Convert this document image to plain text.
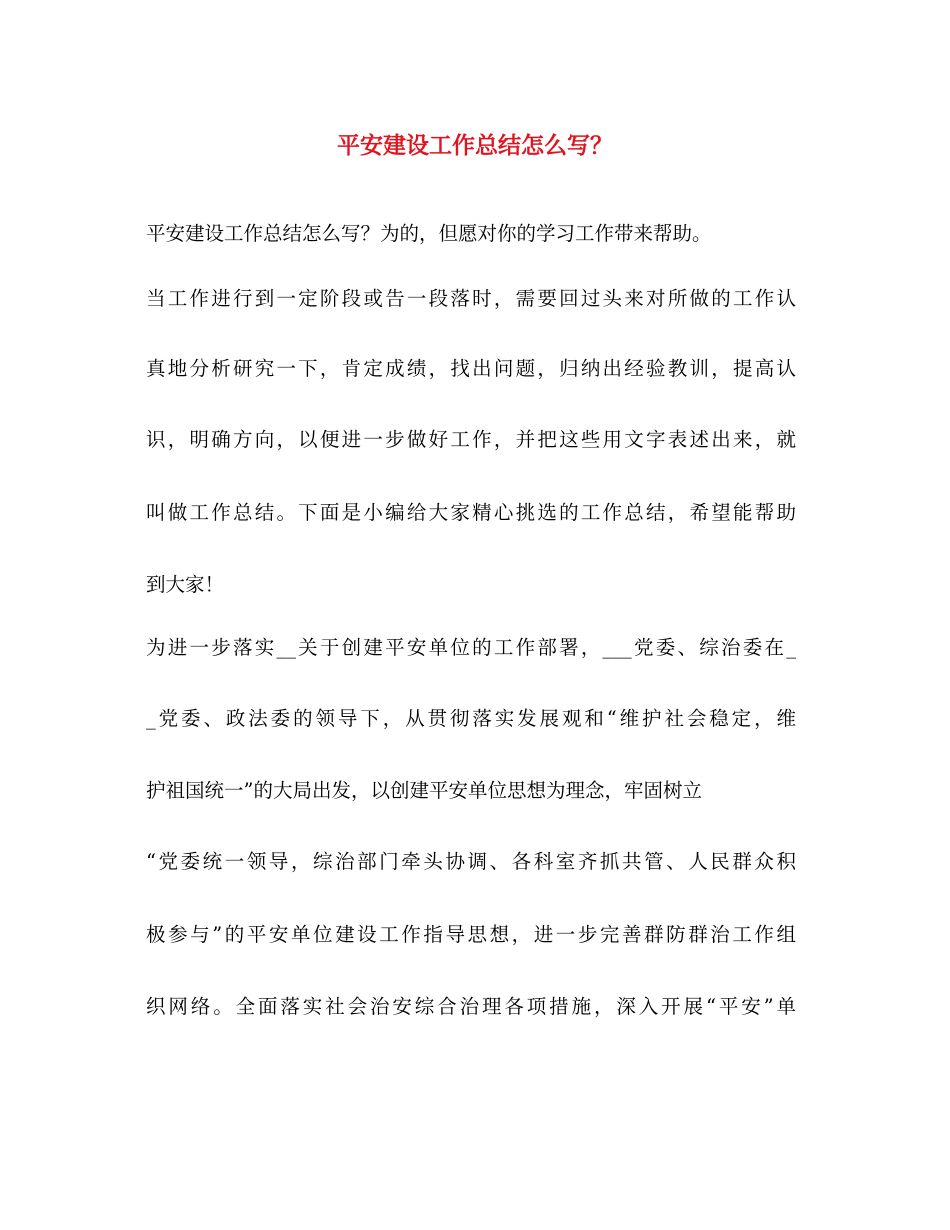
平安建设工作总结怎么写？
平安建设工作总结怎么写？为的，但愿对你的学习工作带来帮助。
当工作进行到一定阶段或告一段落时，需要回过头来对所做的工作认
真地分析研究一下，肯定成绩，找出问题，归纳出经验教训，提高认
识，明确方向，以便进一步做好工作，并把这些用文字表述出来，就
叫做工作总结。下面是小编给大家精心挑选的工作总结，希望能帮助
到大家！
为进一步落实__关于创建平安单位的工作部署，___党委、综治委在_
_党委、政法委的领导下，从贯彻落实发展观和“维护社会稳定，维
护祖国统一”的大局出发，以创建平安单位思想为理念，牢固树立
“党委统一领导，综治部门牵头协调、各科室齐抓共管、人民群众积
极参与”的平安单位建设工作指导思想，进一步完善群防群治工作组
织网络。全面落实社会治安综合治理各项措施，深入开展“平安”单
